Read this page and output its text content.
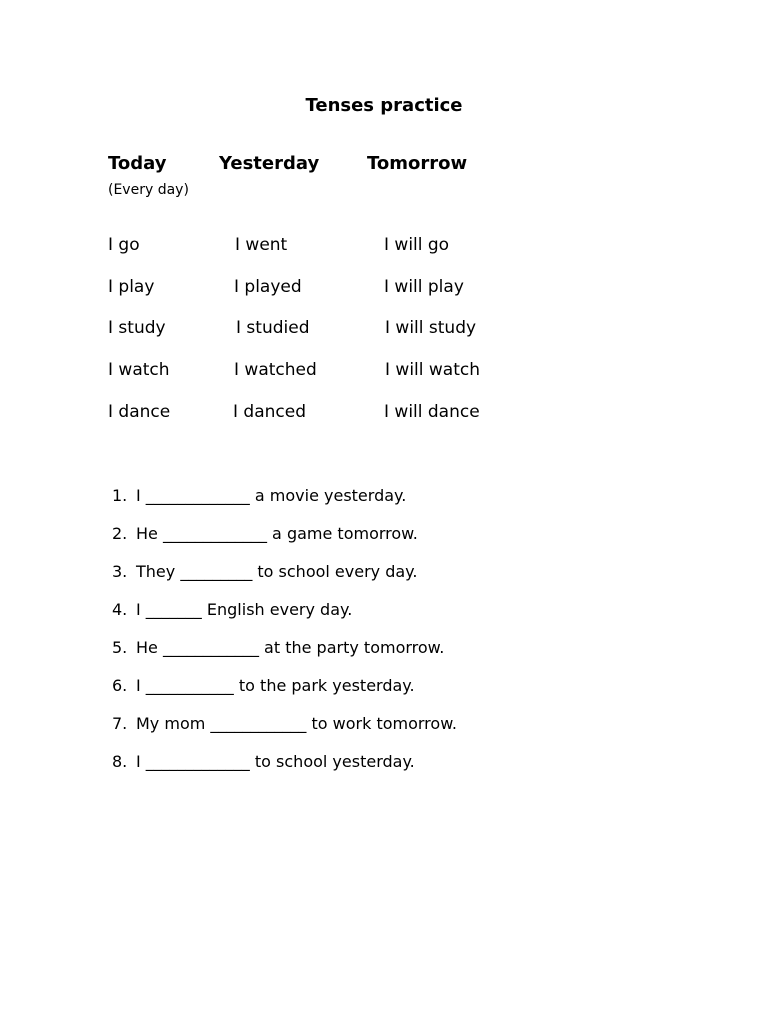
Tenses practice
Today	Yesterday	Tomorrow
(Every day)
I go	I went	I will go
I play	I played	I will play
I study	I studied	I will study
I watch	I watched	I will watch
I dance	I danced	I will dance
1. I _____________ a movie yesterday.
2. He _____________ a game tomorrow.
3. They _________ to school every day.
4. I _______ English every day.
5. He ____________ at the party tomorrow.
6. I ___________ to the park yesterday.
7. My mom ____________ to work tomorrow.
8. I _____________ to school yesterday.
